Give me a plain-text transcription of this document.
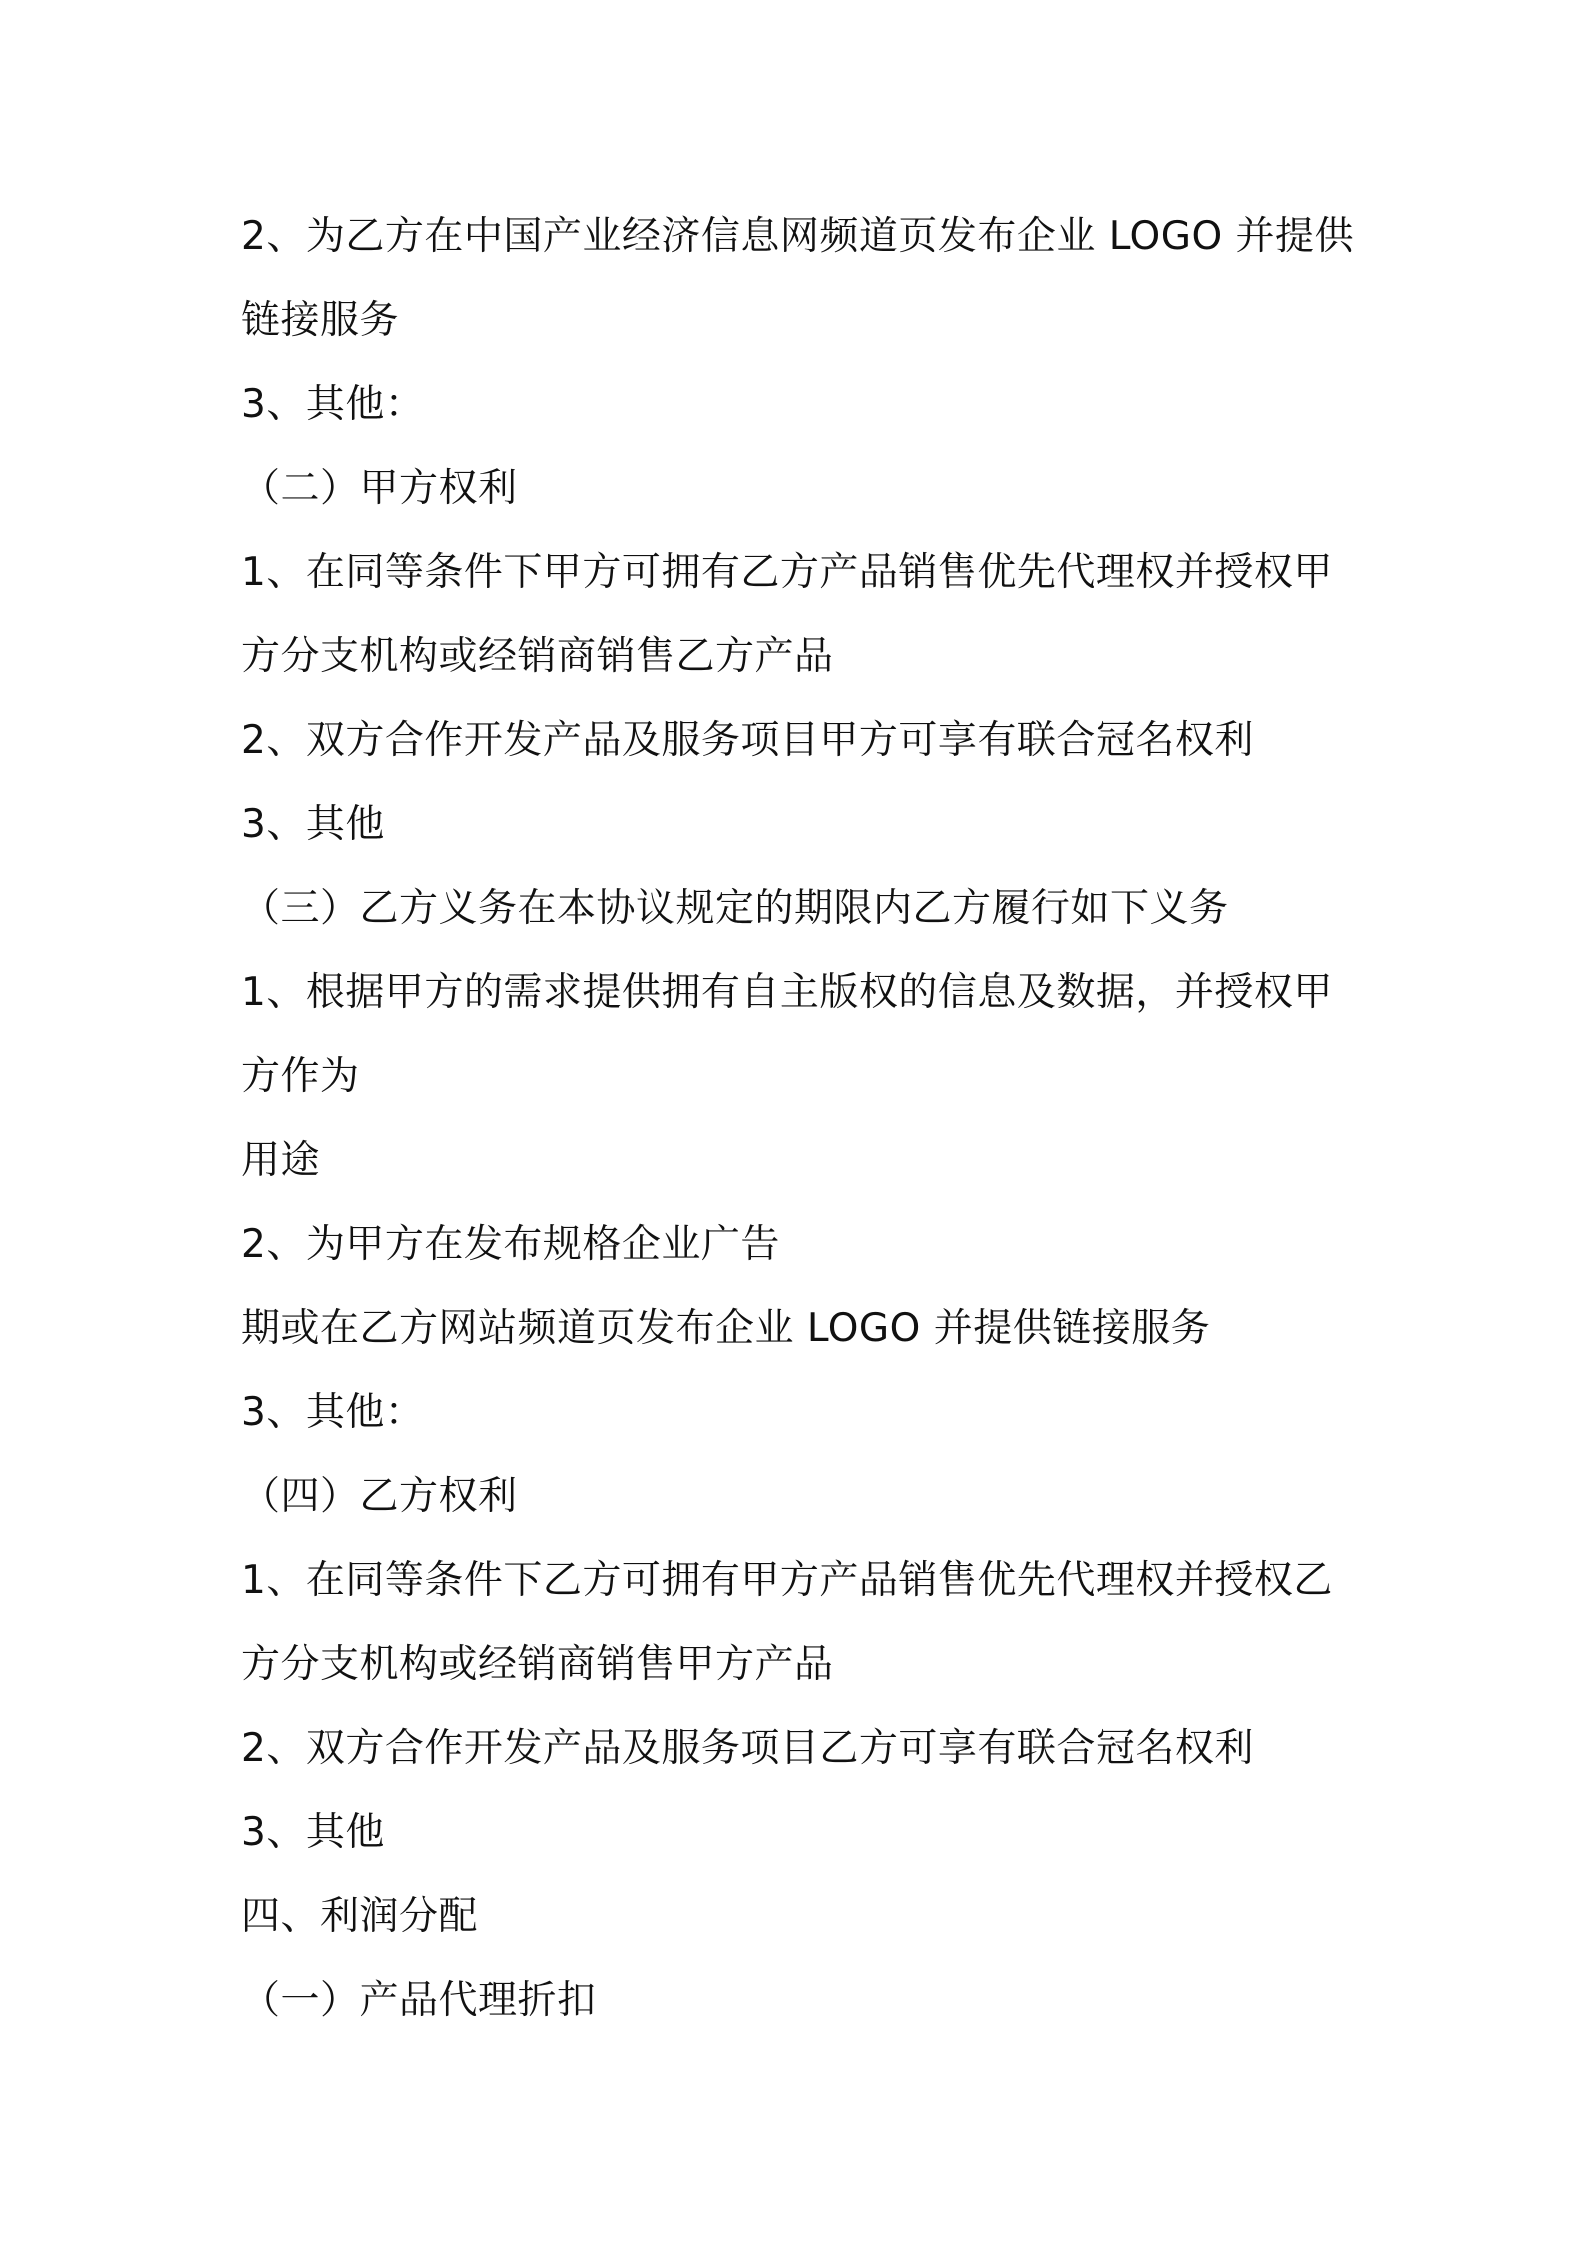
2、为乙方在中国产业经济信息网频道页发布企业 LOGO 并提供
链接服务
3、其他：
（二）甲方权利
1、在同等条件下甲方可拥有乙方产品销售优先代理权并授权甲
方分支机构或经销商销售乙方产品
2、双方合作开发产品及服务项目甲方可享有联合冠名权利
3、其他
（三）乙方义务在本协议规定的期限内乙方履行如下义务
1、根据甲方的需求提供拥有自主版权的信息及数据，并授权甲
方作为
用途
2、为甲方在发布规格企业广告
期或在乙方网站频道页发布企业 LOGO 并提供链接服务
3、其他：
（四）乙方权利
1、在同等条件下乙方可拥有甲方产品销售优先代理权并授权乙
方分支机构或经销商销售甲方产品
2、双方合作开发产品及服务项目乙方可享有联合冠名权利
3、其他
四、利润分配
（一）产品代理折扣
